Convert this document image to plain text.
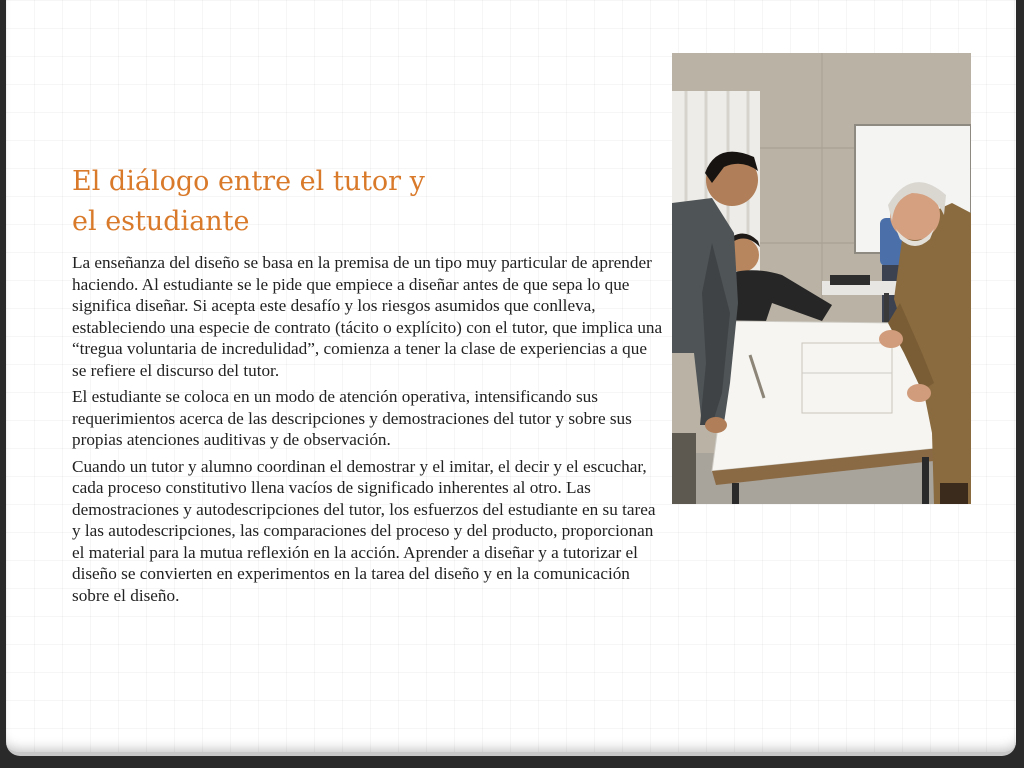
El diálogo entre el tutor y
el estudiante

La enseñanza del diseño se basa en la premisa de un tipo muy particular de aprender haciendo. Al estudiante se le pide que empiece a diseñar antes de que sepa lo que significa diseñar. Si acepta este desafío y los riesgos asumidos que conlleva, estableciendo una especie de contrato (tácito o explícito) con el tutor, que implica una “tregua voluntaria de incredulidad”, comienza a tener la clase de experiencias a que se refiere el discurso del tutor.

El estudiante se coloca en un modo de atención operativa, intensificando sus requerimientos acerca de las descripciones y demostraciones del tutor y sobre sus propias atenciones auditivas y de observación.

Cuando un tutor y alumno coordinan el demostrar y el imitar, el decir y el escuchar, cada proceso constitutivo llena vacíos de significado inherentes al otro. Las demostraciones y autodescripciones del tutor, los esfuerzos del estudiante en su tarea y las autodescripciones, las comparaciones del proceso y del producto, proporcionan el material para la mutua reflexión en la acción. Aprender a diseñar y a tutorizar el diseño se convierten en experimentos en la tarea del diseño y en la comunicación sobre el diseño.
